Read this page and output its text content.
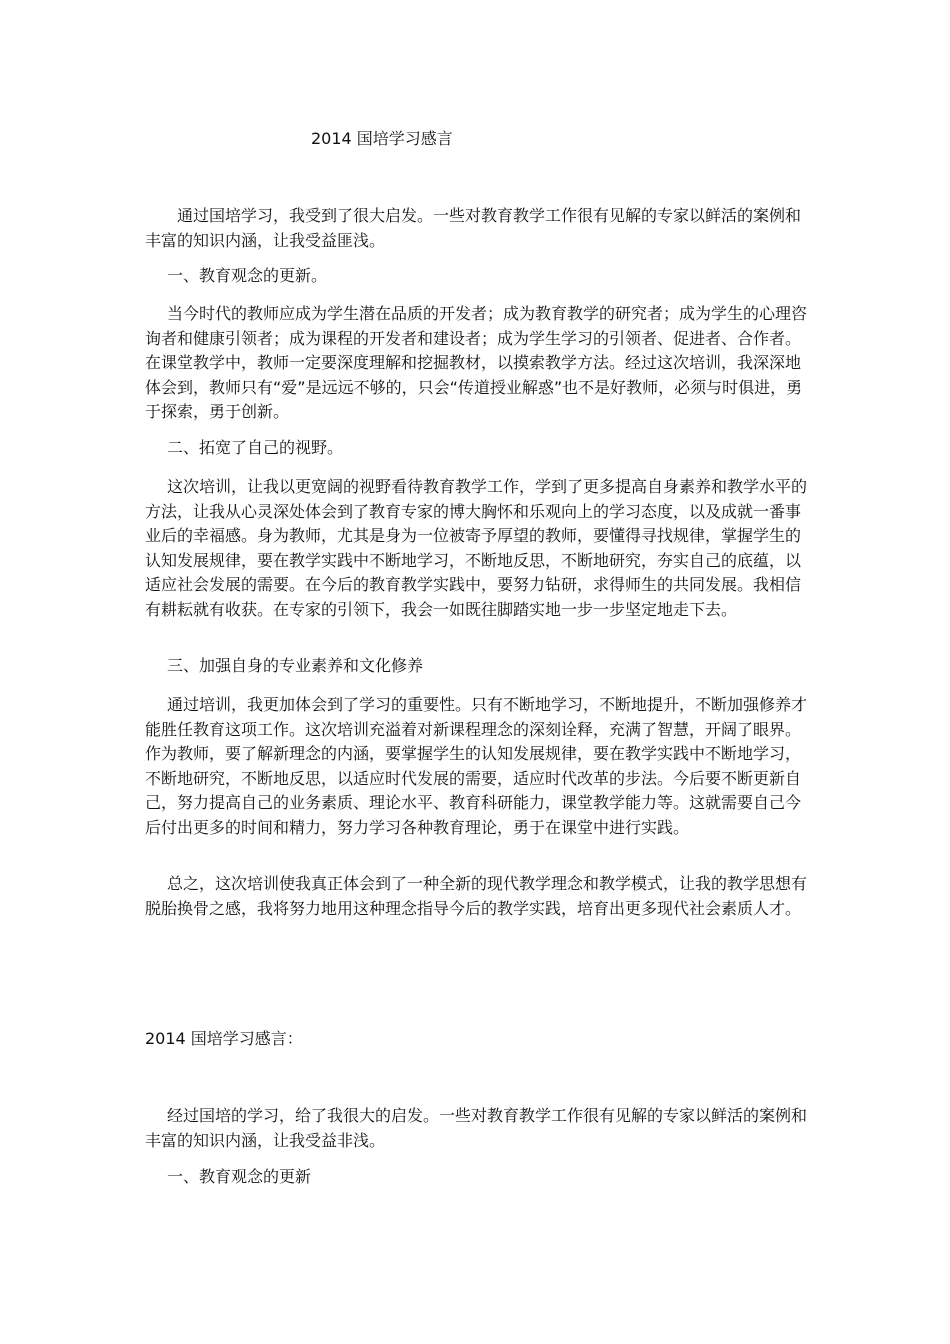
2014 国培学习感言

通过国培学习，我受到了很大启发。一些对教育教学工作很有见解的专家以鲜活的案例和丰富的知识内涵，让我受益匪浅。

一、教育观念的更新。

当今时代的教师应成为学生潜在品质的开发者；成为教育教学的研究者；成为学生的心理咨询者和健康引领者；成为课程的开发者和建设者；成为学生学习的引领者、促进者、合作者。在课堂教学中，教师一定要深度理解和挖掘教材，以摸索教学方法。经过这次培训，我深深地体会到，教师只有“爱”是远远不够的，只会“传道授业解惑”也不是好教师，必须与时俱进，勇于探索，勇于创新。

二、拓宽了自己的视野。

这次培训，让我以更宽阔的视野看待教育教学工作，学到了更多提高自身素养和教学水平的方法，让我从心灵深处体会到了教育专家的博大胸怀和乐观向上的学习态度，以及成就一番事业后的幸福感。身为教师，尤其是身为一位被寄予厚望的教师，要懂得寻找规律，掌握学生的认知发展规律，要在教学实践中不断地学习，不断地反思，不断地研究，夯实自己的底蕴，以适应社会发展的需要。在今后的教育教学实践中，要努力钻研，求得师生的共同发展。我相信有耕耘就有收获。在专家的引领下，我会一如既往脚踏实地一步一步坚定地走下去。

三、加强自身的专业素养和文化修养

通过培训，我更加体会到了学习的重要性。只有不断地学习，不断地提升，不断加强修养才能胜任教育这项工作。这次培训充溢着对新课程理念的深刻诠释，充满了智慧，开阔了眼界。作为教师，要了解新理念的内涵，要掌握学生的认知发展规律，要在教学实践中不断地学习，不断地研究，不断地反思，以适应时代发展的需要，适应时代改革的步法。今后要不断更新自己，努力提高自己的业务素质、理论水平、教育科研能力，课堂教学能力等。这就需要自己今后付出更多的时间和精力，努力学习各种教育理论，勇于在课堂中进行实践。

总之，这次培训使我真正体会到了一种全新的现代教学理念和教学模式，让我的教学思想有脱胎换骨之感，我将努力地用这种理念指导今后的教学实践，培育出更多现代社会素质人才。

2014 国培学习感言：

经过国培的学习，给了我很大的启发。一些对教育教学工作很有见解的专家以鲜活的案例和丰富的知识内涵，让我受益非浅。

一、教育观念的更新
